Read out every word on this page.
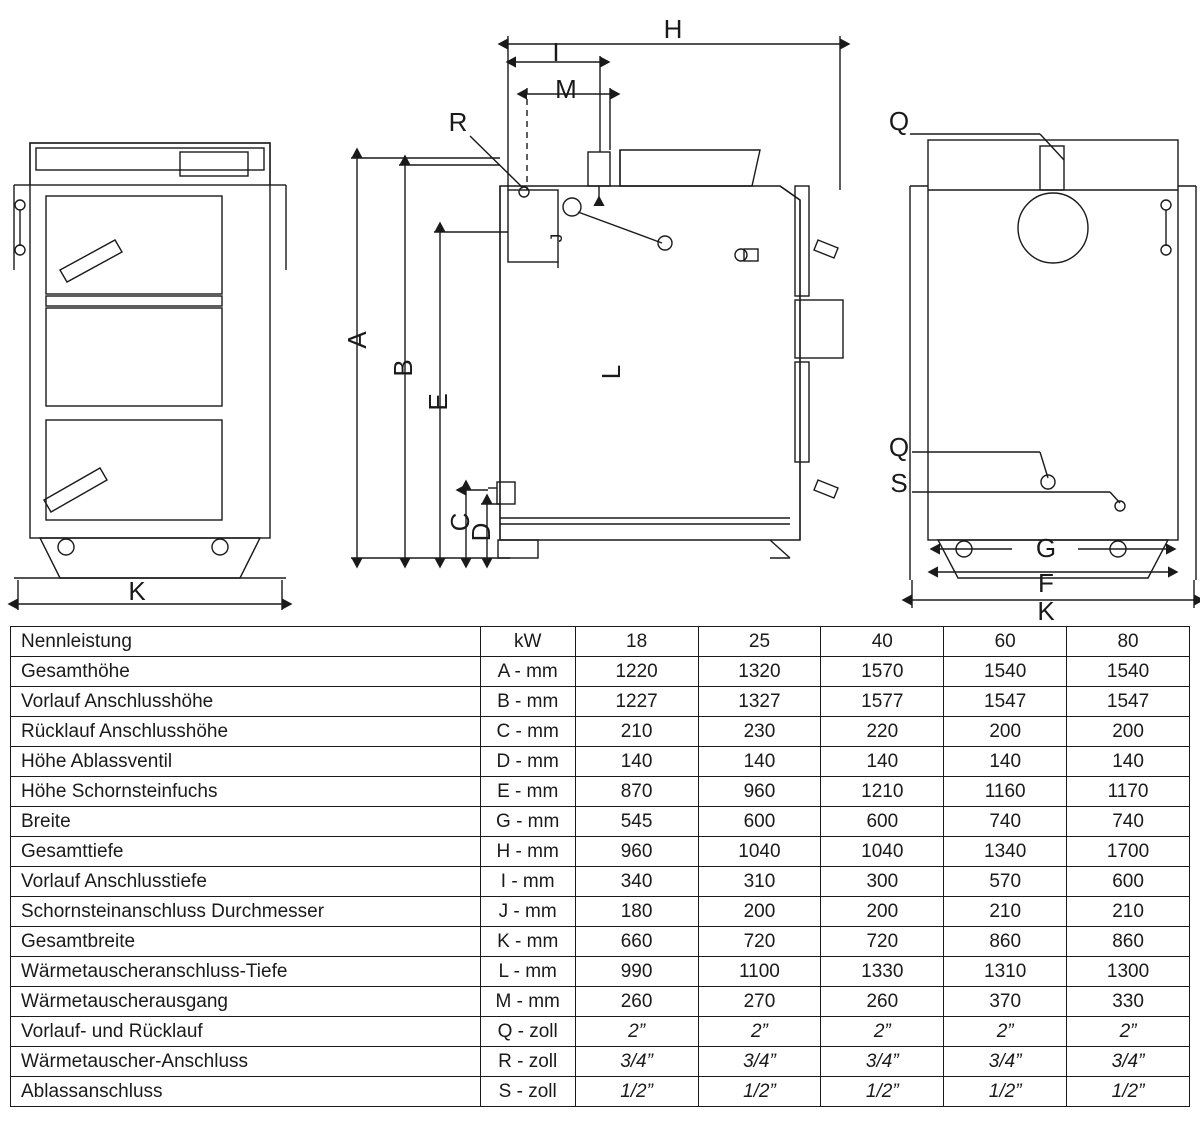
K
H
I
M
R
A
B
E
C
D
J
L
Q
Q
S
G
F
K
Nennleistung	kW	18	25	40	60	80
Gesamthöhe	A - mm	1220	1320	1570	1540	1540
Vorlauf Anschlusshöhe	B - mm	1227	1327	1577	1547	1547
Rücklauf Anschlusshöhe	C - mm	210	230	220	200	200
Höhe Ablassventil	D - mm	140	140	140	140	140
Höhe Schornsteinfuchs	E - mm	870	960	1210	1160	1170
Breite	G - mm	545	600	600	740	740
Gesamttiefe	H - mm	960	1040	1040	1340	1700
Vorlauf Anschlusstiefe	I - mm	340	310	300	570	600
Schornsteinanschluss Durchmesser	J - mm	180	200	200	210	210
Gesamtbreite	K - mm	660	720	720	860	860
Wärmetauscheranschluss-Tiefe	L - mm	990	1100	1330	1310	1300
Wärmetauscherausgang	M - mm	260	270	260	370	330
Vorlauf- und Rücklauf	Q - zoll	2”	2”	2”	2”	2”
Wärmetauscher-Anschluss	R - zoll	3/4”	3/4”	3/4”	3/4”	3/4”
Ablassanschluss	S - zoll	1/2”	1/2”	1/2”	1/2”	1/2”
